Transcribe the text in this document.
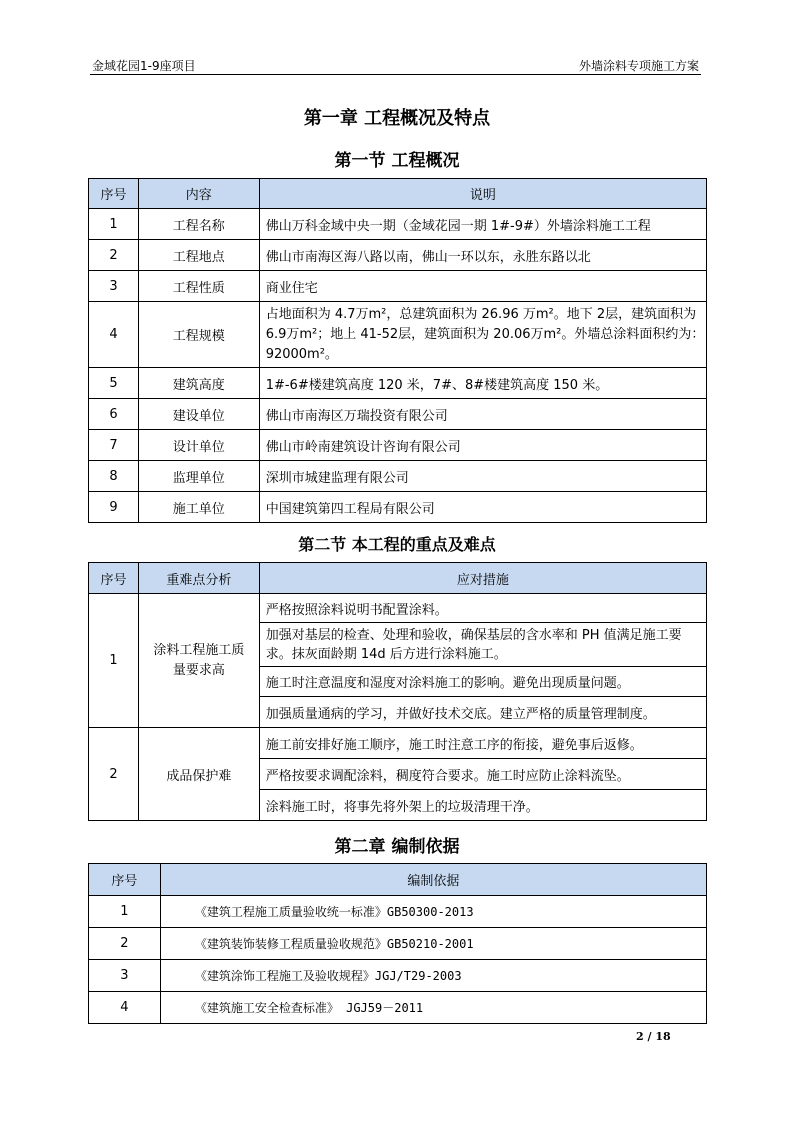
金域花园1-9座项目	外墙涂料专项施工方案
第一章 工程概况及特点
第一节 工程概况
序号	内容	说明
1	工程名称	佛山万科金域中央一期（金域花园一期 1#-9#）外墙涂料施工工程
2	工程地点	佛山市南海区海八路以南，佛山一环以东，永胜东路以北
3	工程性质	商业住宅
4	工程规模	占地面积为 4.7万m²，总建筑面积为 26.96 万m²。地下 2层，建筑面积为 6.9万m²；地上 41-52层，建筑面积为 20.06万m²。外墙总涂料面积约为：92000m²。
5	建筑高度	1#-6#楼建筑高度 120 米，7#、8#楼建筑高度 150 米。
6	建设单位	佛山市南海区万瑞投资有限公司
7	设计单位	佛山市岭南建筑设计咨询有限公司
8	监理单位	深圳市城建监理有限公司
9	施工单位	中国建筑第四工程局有限公司
第二节 本工程的重点及难点
序号	重难点分析	应对措施
1	涂料工程施工质量要求高	严格按照涂料说明书配置涂料。
		加强对基层的检查、处理和验收，确保基层的含水率和 PH 值满足施工要求。抹灰面龄期 14d 后方进行涂料施工。
		施工时注意温度和湿度对涂料施工的影响。避免出现质量问题。
		加强质量通病的学习，并做好技术交底。建立严格的质量管理制度。
2	成品保护难	施工前安排好施工顺序，施工时注意工序的衔接，避免事后返修。
		严格按要求调配涂料，稠度符合要求。施工时应防止涂料流坠。
		涂料施工时，将事先将外架上的垃圾清理干净。
第二章 编制依据
序号	编制依据
1	《建筑工程施工质量验收统一标准》GB50300-2013
2	《建筑装饰装修工程质量验收规范》GB50210-2001
3	《建筑涂饰工程施工及验收规程》JGJ/T29-2003
4	《建筑施工安全检查标准》 JGJ59－2011
2 / 18
